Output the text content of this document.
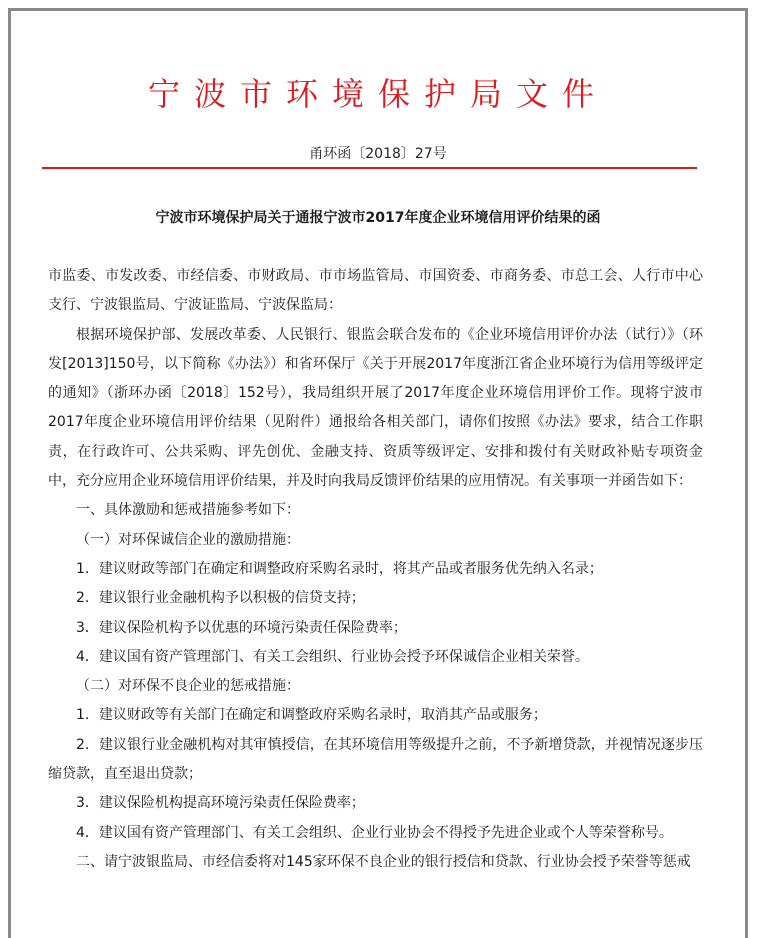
宁波市环境保护局文件
甬环函〔2018〕27号
宁波市环境保护局关于通报宁波市2017年度企业环境信用评价结果的函

市监委、市发改委、市经信委、市财政局、市市场监管局、市国资委、市商务委、市总工会、人行市中心支行、宁波银监局、宁波证监局、宁波保监局：

根据环境保护部、发展改革委、人民银行、银监会联合发布的《企业环境信用评价办法（试行）》（环发[2013]150号，以下简称《办法》）和省环保厅《关于开展2017年度浙江省企业环境行为信用等级评定的通知》（浙环办函〔2018〕152号），我局组织开展了2017年度企业环境信用评价工作。现将宁波市2017年度企业环境信用评价结果（见附件）通报给各相关部门，请你们按照《办法》要求，结合工作职责，在行政许可、公共采购、评先创优、金融支持、资质等级评定、安排和拨付有关财政补贴专项资金中，充分应用企业环境信用评价结果，并及时向我局反馈评价结果的应用情况。有关事项一并函告如下：

一、具体激励和惩戒措施参考如下：

（一）对环保诚信企业的激励措施：

1．建议财政等部门在确定和调整政府采购名录时，将其产品或者服务优先纳入名录；

2．建议银行业金融机构予以积极的信贷支持；

3．建议保险机构予以优惠的环境污染责任保险费率；

4．建议国有资产管理部门、有关工会组织、行业协会授予环保诚信企业相关荣誉。

（二）对环保不良企业的惩戒措施：

1．建议财政等有关部门在确定和调整政府采购名录时，取消其产品或服务；

2．建议银行业金融机构对其审慎授信，在其环境信用等级提升之前，不予新增贷款，并视情况逐步压缩贷款，直至退出贷款；

3．建议保险机构提高环境污染责任保险费率；

4．建议国有资产管理部门、有关工会组织、企业行业协会不得授予先进企业或个人等荣誉称号。

二、请宁波银监局、市经信委将对145家环保不良企业的银行授信和贷款、行业协会授予荣誉等惩戒
